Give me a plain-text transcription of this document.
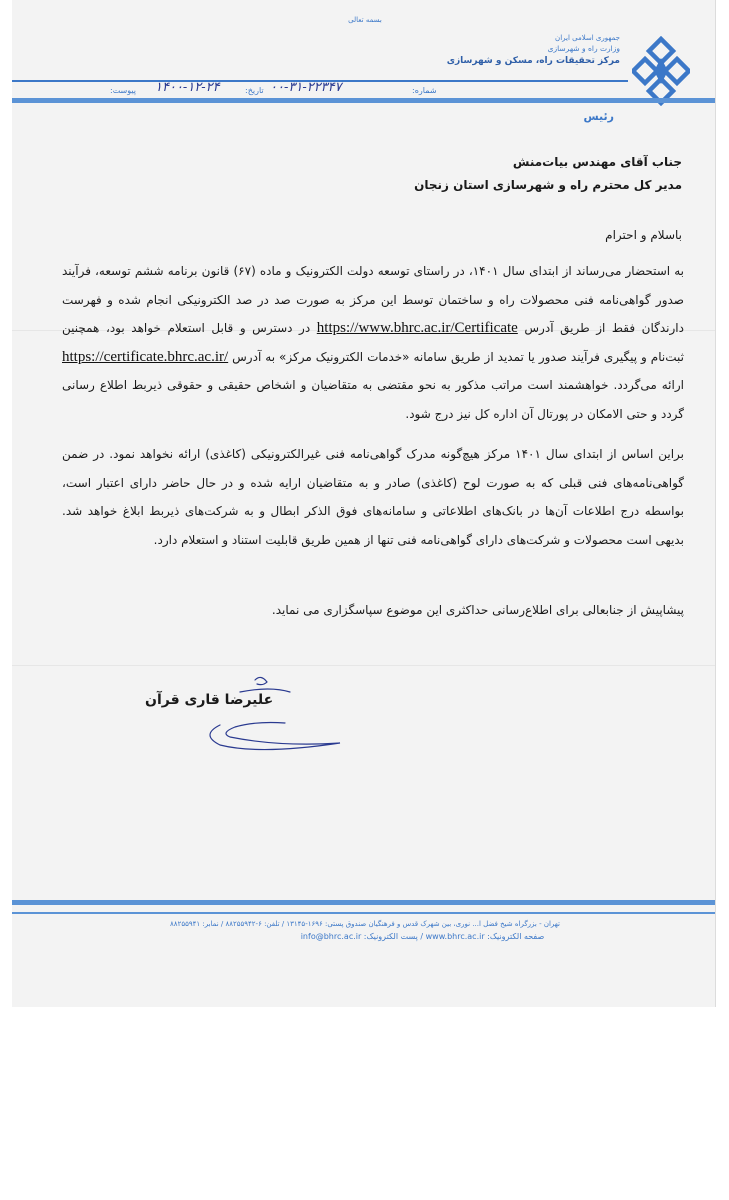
بسمه تعالی
جمهوری اسلامی ایران
وزارت راه و شهرسازی
مرکز تحقیقات راه، مسکن و شهرسازی
شماره:
۰۰-۳۱-۲۲۳۴۷
تاریخ:
۱۴۰۰-۱۲-۲۴
پیوست:
رئیس
جناب آقای مهندس بیات‌منش
مدیر کل محترم راه و شهرسازی استان زنجان
باسلام و احترام
به استحضار می‌رساند از ابتدای سال ۱۴۰۱، در راستای توسعه دولت الکترونیک و ماده (۶۷) قانون برنامه ششم توسعه، فرآیند صدور گواهی‌نامه فنی محصولات راه و ساختمان توسط این مرکز به صورت صد در صد الکترونیکی انجام شده و فهرست دارندگان فقط از طریق آدرس https://www.bhrc.ac.ir/Certificate در دسترس و قابل استعلام خواهد بود، همچنین ثبت‌نام و پیگیری فرآیند صدور یا تمدید از طریق سامانه «خدمات الکترونیک مرکز» به آدرس https://certificate.bhrc.ac.ir/ ارائه می‌گردد. خواهشمند است مراتب مذکور به نحو مقتضی به متقاضیان و اشخاص حقیقی و حقوقی ذیربط اطلاع رسانی گردد و حتی الامکان در پورتال آن اداره کل نیز درج شود.
براین اساس از ابتدای سال ۱۴۰۱ مرکز هیچ‌گونه مدرک گواهی‌نامه فنی غیرالکترونیکی (کاغذی) ارائه نخواهد نمود. در ضمن گواهی‌نامه‌های فنی قبلی که به صورت لوح (کاغذی) صادر و به متقاضیان ارایه شده و در حال حاضر دارای اعتبار است، بواسطه درج اطلاعات آن‌ها در بانک‌های اطلاعاتی و سامانه‌های فوق الذکر ابطال و به شرکت‌های ذیربط ابلاغ خواهد شد. بدیهی است محصولات و شرکت‌های دارای گواهی‌نامه فنی تنها از همین طریق قابلیت استناد و استعلام دارد.
پیشاپیش از جنابعالی برای اطلاع‌رسانی حداکثری این موضوع سپاسگزاری می نماید.
علیرضا قاری قرآن
تهران - بزرگراه شیخ فضل ا... نوری، بین شهرک قدس و فرهنگیان صندوق پستی: ۱۶۹۶-۱۳۱۴۵ / تلفن: ۶-۸۸۲۵۵۹۴۲ / نمابر: ۸۸۲۵۵۹۴۱
صفحه الکترونیک: www.bhrc.ac.ir / پست الکترونیک: info@bhrc.ac.ir
